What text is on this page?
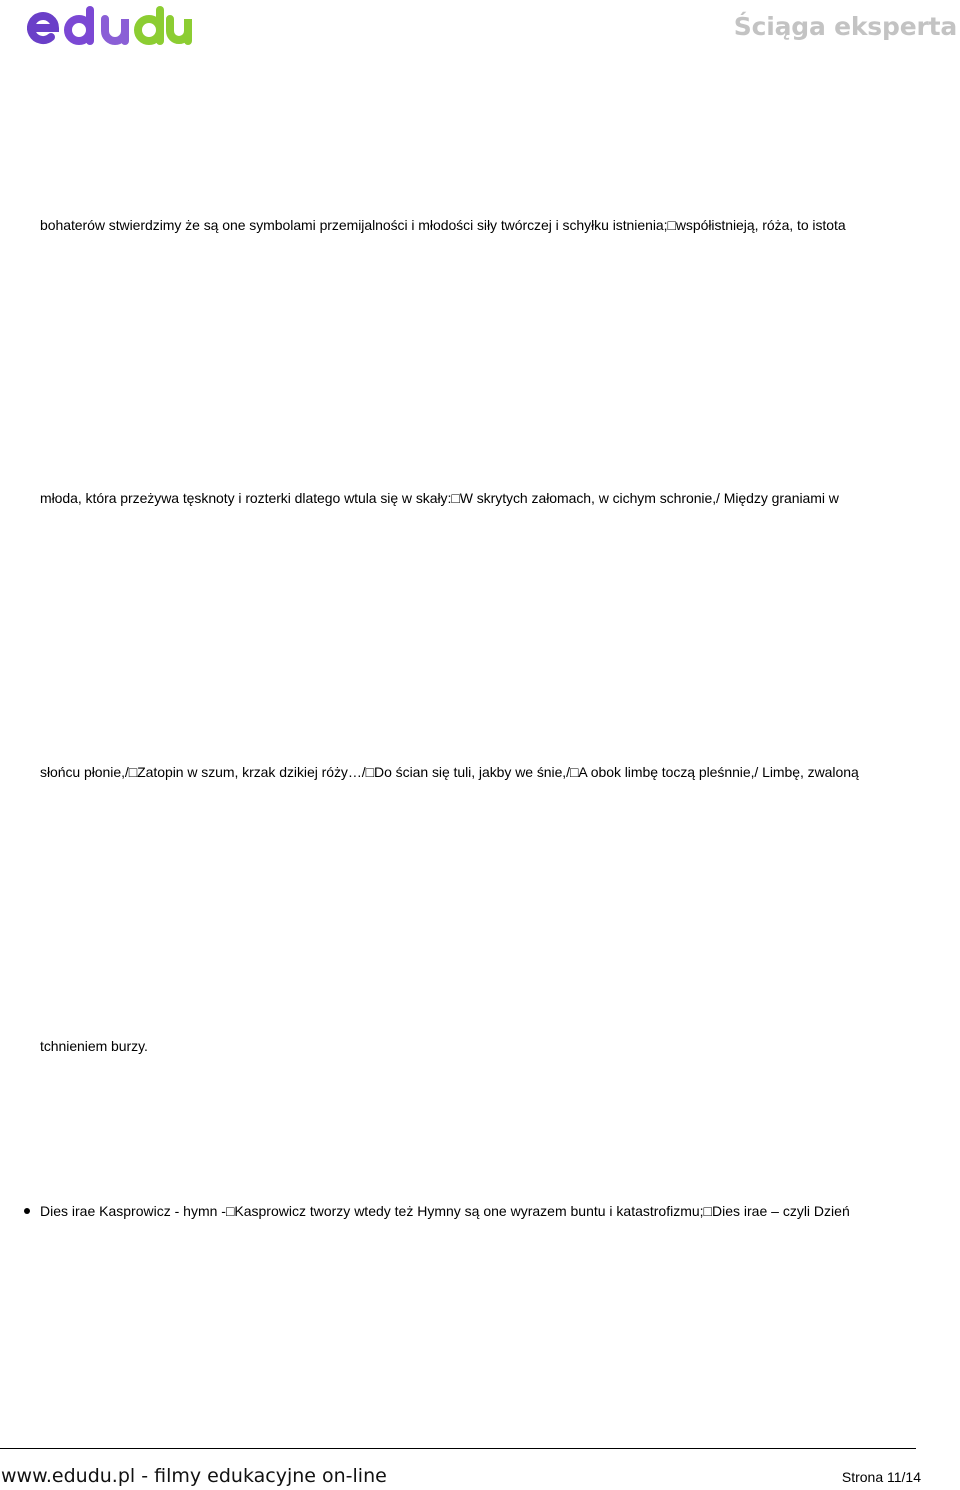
Ściąga eksperta
bohaterów stwierdzimy że są one symbolami przemijalności i młodości siły twórczej i schyłku istnienia;□współistnieją, róża, to istota
młoda, która przeżywa tęsknoty i rozterki dlatego wtula się w skały:□W skrytych załomach, w cichym schronie,/ Między graniami w
słońcu płonie,/□Zatopin w szum, krzak dzikiej róży…/□Do ścian się tuli, jakby we śnie,/□A obok limbę toczą pleśnnie,/ Limbę, zwaloną
tchnieniem burzy.
Dies irae Kasprowicz - hymn -□Kasprowicz tworzy wtedy też Hymny są one wyrazem buntu i katastrofizmu;□Dies irae – czyli Dzień
www.edudu.pl - filmy edukacyjne on-line	Strona 11/14
